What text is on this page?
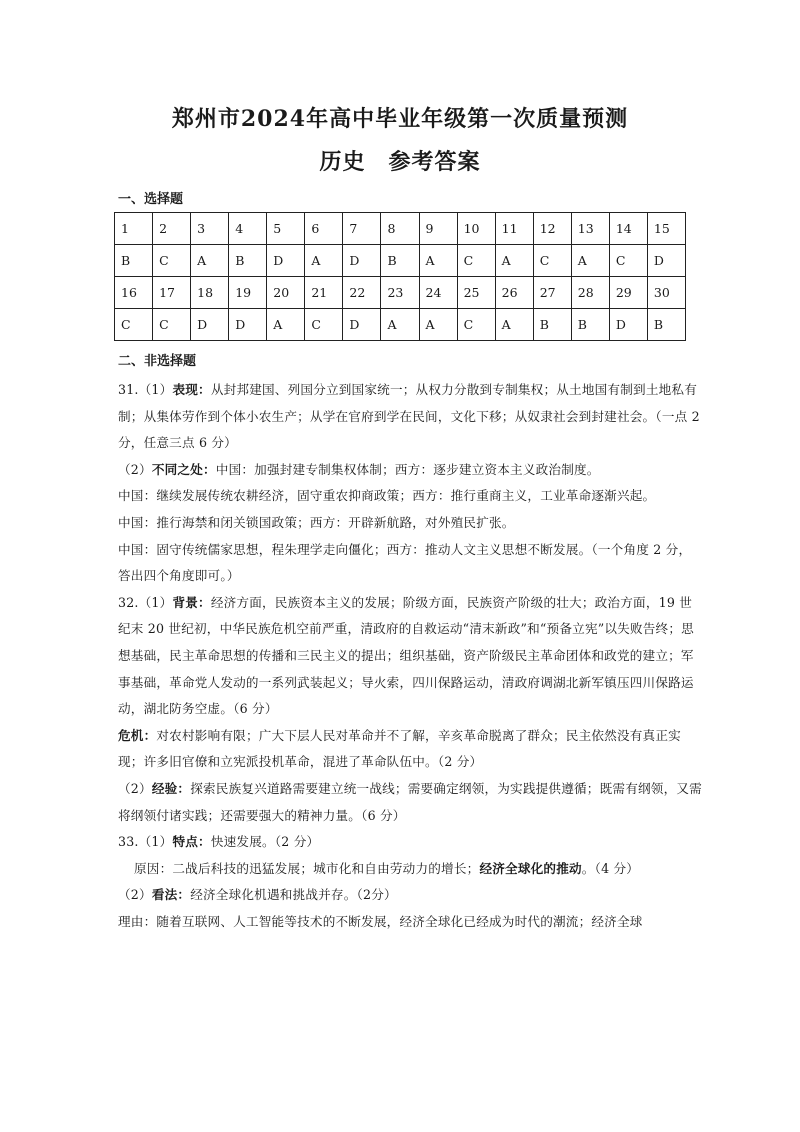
郑州市2024年高中毕业年级第一次质量预测
历史　参考答案
一、选择题
1	2	3	4	5	6	7	8	9	10	11	12	13	14	15
B	C	A	B	D	A	D	B	A	C	A	C	A	C	D
16	17	18	19	20	21	22	23	24	25	26	27	28	29	30
C	C	D	D	A	C	D	A	A	C	A	B	B	D	B
二、非选择题

31.（1）表现：从封邦建国、列国分立到国家统一；从权力分散到专制集权；从土地国有制到土地私有制；从集体劳作到个体小农生产；从学在官府到学在民间，文化下移；从奴隶社会到封建社会。（一点 2 分，任意三点 6 分）

（2）不同之处：中国：加强封建专制集权体制；西方：逐步建立资本主义政治制度。

中国：继续发展传统农耕经济，固守重农抑商政策；西方：推行重商主义，工业革命逐渐兴起。

中国：推行海禁和闭关锁国政策；西方：开辟新航路，对外殖民扩张。

中国：固守传统儒家思想，程朱理学走向僵化；西方：推动人文主义思想不断发展。（一个角度 2 分，答出四个角度即可。）

32.（1）背景：经济方面，民族资本主义的发展；阶级方面，民族资产阶级的壮大；政治方面，19 世纪末 20 世纪初，中华民族危机空前严重，清政府的自救运动“清末新政”和“预备立宪”以失败告终；思想基础，民主革命思想的传播和三民主义的提出；组织基础，资产阶级民主革命团体和政党的建立；军事基础，革命党人发动的一系列武装起义；导火索，四川保路运动，清政府调湖北新军镇压四川保路运动，湖北防务空虚。（6 分）

危机：对农村影响有限；广大下层人民对革命并不了解，辛亥革命脱离了群众；民主依然没有真正实现；许多旧官僚和立宪派投机革命，混进了革命队伍中。（2 分）

（2）经验：探索民族复兴道路需要建立统一战线；需要确定纲领，为实践提供遵循；既需有纲领，又需将纲领付诸实践；还需要强大的精神力量。（6 分）

33.（1）特点：快速发展。（2 分）

原因：二战后科技的迅猛发展；城市化和自由劳动力的增长；经济全球化的推动。（4 分）

（2）看法：经济全球化机遇和挑战并存。（2分）

理由：随着互联网、人工智能等技术的不断发展，经济全球化已经成为时代的潮流；经济全球
